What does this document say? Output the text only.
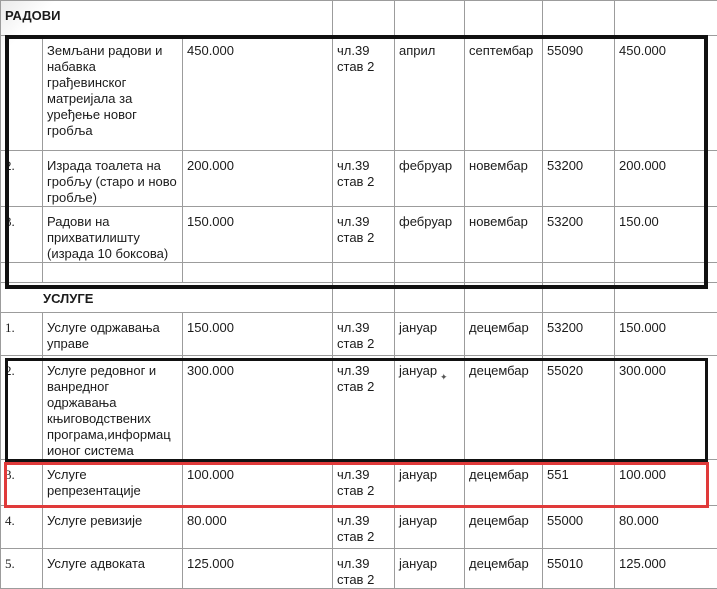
РАДОВИ							
	Земљани радови и набавка грађевинског матреијала за уређење новог гробља	450.000	чл.39 став 2	април	септембар	55090	450.000
2.	Израда тоалета на гробљу (старо и ново гробље)	200.000	чл.39 став 2	фебруар	новембар	53200	200.000
3.	Радови на прихватилишту (израда 10 боксова)	150.000	чл.39 став 2	фебруар	новембар	53200	150.00

УСЛУГЕ							
1.	Услуге одржавања управе	150.000	чл.39 став 2	јануар	децембар	53200	150.000
2.	Услуге редовног и ванредног одржавања књиговодствених програма,информац ионог система	300.000	чл.39 став 2	јануар	децембар	55020	300.000
3.	Услуге репрезентације	100.000	чл.39 став 2	јануар	децембар	551	100.000
4.	Услуге ревизије	80.000	чл.39 став 2	јануар	децембар	55000	80.000
5.	Услуге адвоката	125.000	чл.39 став 2	јануар	децембар	55010	125.000
✦
